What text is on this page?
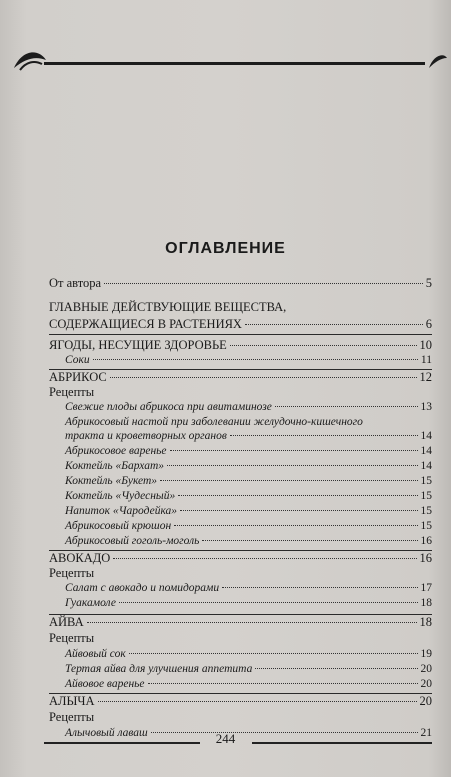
ОГЛАВЛЕНИЕ
От автора	5
ГЛАВНЫЕ ДЕЙСТВУЮЩИЕ ВЕЩЕСТВА,
СОДЕРЖАЩИЕСЯ В РАСТЕНИЯХ	6
ЯГОДЫ, НЕСУЩИЕ ЗДОРОВЬЕ	10
Соки	11
АБРИКОС	12
Рецепты
Свежие плоды абрикоса при авитаминозе	13
Абрикосовый настой при заболевании желудочно-кишечного
тракта и кроветворных органов	14
Абрикосовое варенье	14
Коктейль «Бархат»	14
Коктейль «Букет»	15
Коктейль «Чудесный»	15
Напиток «Чародейка»	15
Абрикосовый крюшон	15
Абрикосовый гоголь-моголь	16
АВОКАДО	16
Рецепты
Салат с авокадо и помидорами	17
Гуакамоле	18
АЙВА	18
Рецепты
Айвовый сок	19
Тертая айва для улучшения аппетита	20
Айвовое варенье	20
АЛЫЧА	20
Рецепты
Алычовый лаваш	21
244
